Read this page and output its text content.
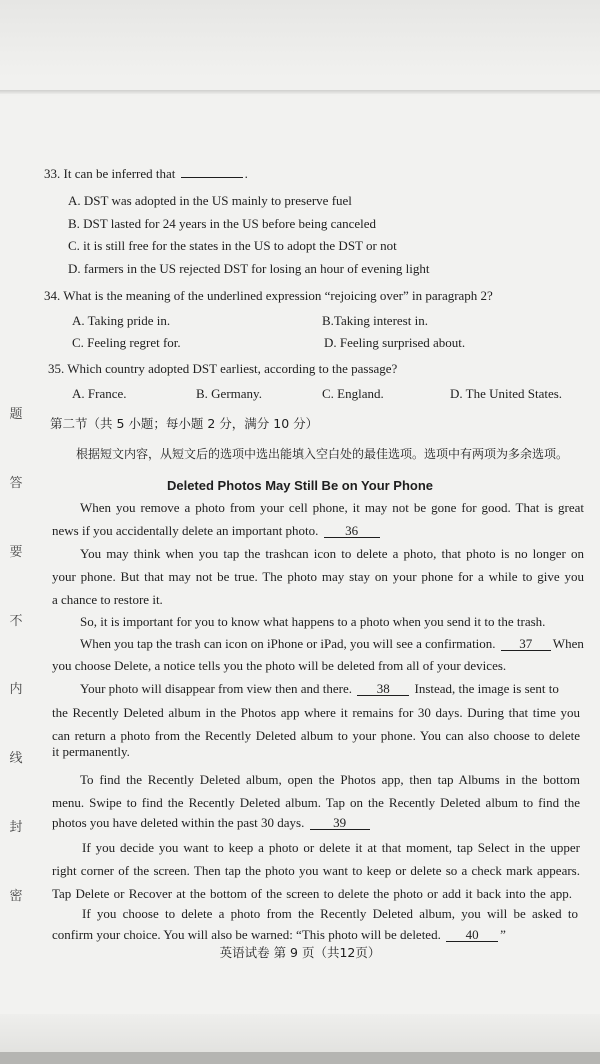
题
答
要
不
内
线
封
密
33. It can be inferred that	.
A. DST was adopted in the US mainly to preserve fuel
B. DST lasted for 24 years in the US before being canceled
C. it is still free for the states in the US to adopt the DST or not
D. farmers in the US rejected DST for losing an hour of evening light
34. What is the meaning of the underlined expression “rejoicing over” in paragraph 2?
A. Taking pride in.	B.Taking interest in.
C. Feeling regret for.	D. Feeling surprised about.
35. Which country adopted DST earliest, according to the passage?
A. France.	B. Germany.	C. England.	D. The United States.
第二节（共 5 小题；每小题 2 分，满分 10 分）
根据短文内容，从短文后的选项中选出能填入空白处的最佳选项。选项中有两项为多余选项。
Deleted Photos May Still Be on Your Phone
When you remove a photo from your cell phone, it may not be gone for good. That is great
news if you accidentally delete an important photo. 36
You may think when you tap the trashcan icon to delete a photo, that photo is no longer on
your phone. But that may not be true. The photo may stay on your phone for a while to give you
a chance to restore it.
So, it is important for you to know what happens to a photo when you send it to the trash.
When you tap the trash can icon on iPhone or iPad, you will see a confirmation. 37 When
you choose Delete, a notice tells you the photo will be deleted from all of your devices.
Your photo will disappear from view then and there. 38 Instead, the image is sent to
the Recently Deleted album in the Photos app where it remains for 30 days. During that time you
can return a photo from the Recently Deleted album to your phone. You can also choose to delete
it permanently.
To find the Recently Deleted album, open the Photos app, then tap Albums in the bottom
menu. Swipe to find the Recently Deleted album. Tap on the Recently Deleted album to find the
photos you have deleted within the past 30 days. 39
If you decide you want to keep a photo or delete it at that moment, tap Select in the upper
right corner of the screen. Then tap the photo you want to keep or delete so a check mark appears.
Tap Delete or Recover at the bottom of the screen to delete the photo or add it back into the app.
If you choose to delete a photo from the Recently Deleted album, you will be asked to
confirm your choice. You will also be warned: “This photo will be deleted. 40 ”
英语试卷 第 9 页（共12页）
